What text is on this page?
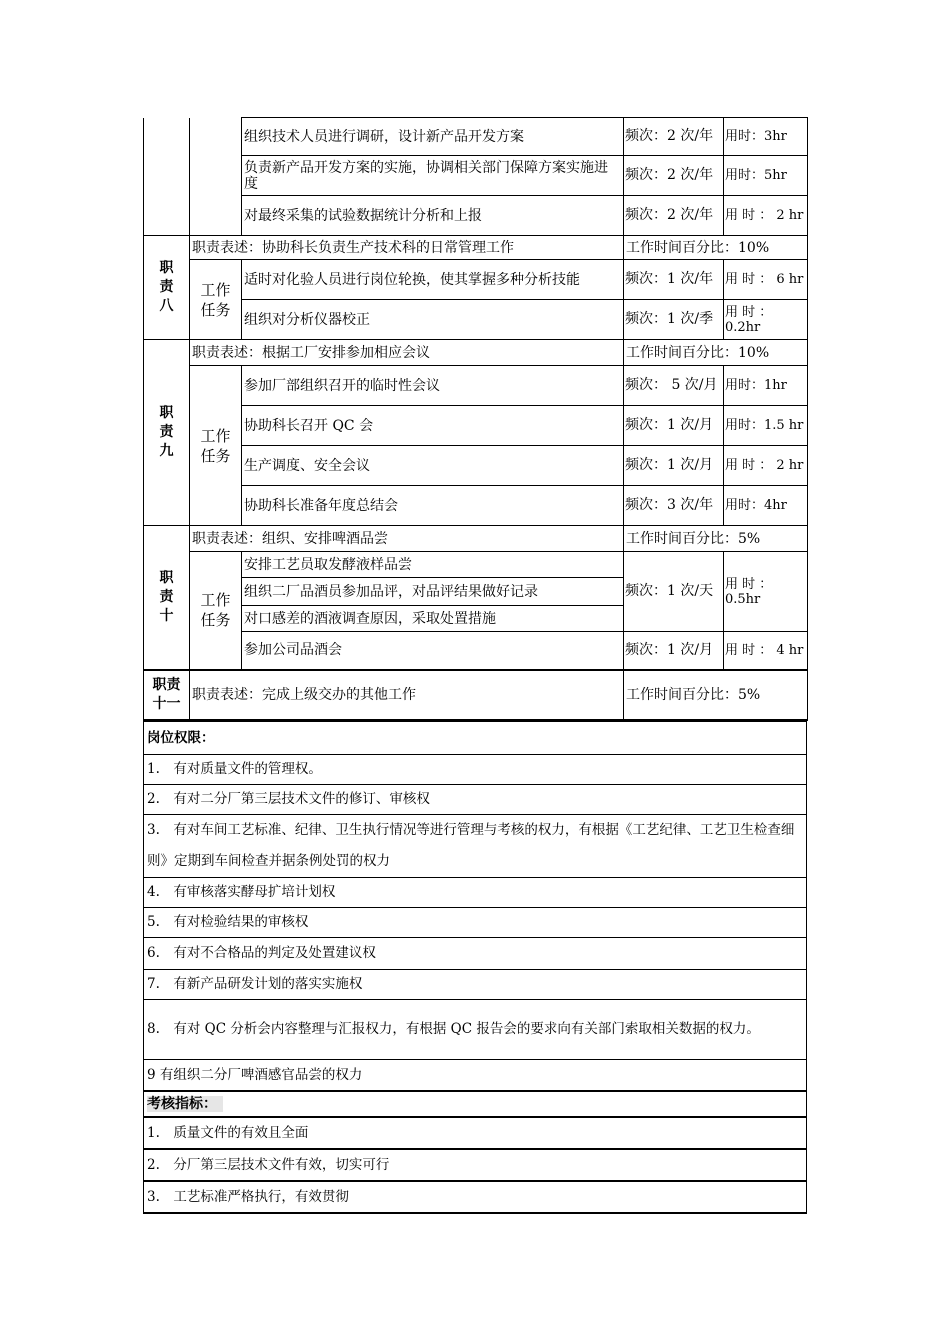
		组织技术人员进行调研，设计新产品开发方案	频次：2 次/年	用时：3hr
		负责新产品开发方案的实施，协调相关部门保障方案实施进度	频次：2 次/年	用时：5hr
		对最终采集的试验数据统计分析和上报	频次：2 次/年	用 时 ： 2 hr
职责八	职责表述：协助科长负责生产技术科的日常管理工作		工作时间百分比：10%	
	工作任务	适时对化验人员进行岗位轮换，使其掌握多种分析技能	频次：1 次/年	用 时 ： 6 hr
		组织对分析仪器校正	频次：1 次/季	用 时 ： 0.2hr
职责九	职责表述：根据工厂安排参加相应会议		工作时间百分比：10%	
	工作任务	参加厂部组织召开的临时性会议	频次： 5 次/月	用时：1hr
		协助科长召开 QC 会	频次：1 次/月	用时：1.5 hr
		生产调度、安全会议	频次：1 次/月	用 时 ： 2 hr
		协助科长准备年度总结会	频次：3 次/年	用时：4hr
职责十	职责表述：组织、安排啤酒品尝		工作时间百分比：5%	
	工作任务	安排工艺员取发酵液样品尝	频次：1 次/天	用 时 ： 0.5hr
		组织二厂品酒员参加品评，对品评结果做好记录		
		对口感差的酒液调查原因，采取处置措施		
		参加公司品酒会	频次：1 次/月	用 时 ： 4 hr
职责十一	职责表述：完成上级交办的其他工作		工作时间百分比：5%	
岗位权限：
1.　有对质量文件的管理权。
2.　有对二分厂第三层技术文件的修订、审核权
3.　有对车间工艺标准、纪律、卫生执行情况等进行管理与考核的权力，有根据《工艺纪律、工艺卫生检查细则》定期到车间检查并据条例处罚的权力
4.　有审核落实酵母扩培计划权
5.　有对检验结果的审核权
6.　有对不合格品的判定及处置建议权
7.　有新产品研发计划的落实实施权
8.　有对 QC 分析会内容整理与汇报权力，有根据 QC 报告会的要求向有关部门索取相关数据的权力。
9 有组织二分厂啤酒感官品尝的权力
考核指标：
1.　质量文件的有效且全面
2.　分厂第三层技术文件有效，切实可行
3.　工艺标准严格执行，有效贯彻
